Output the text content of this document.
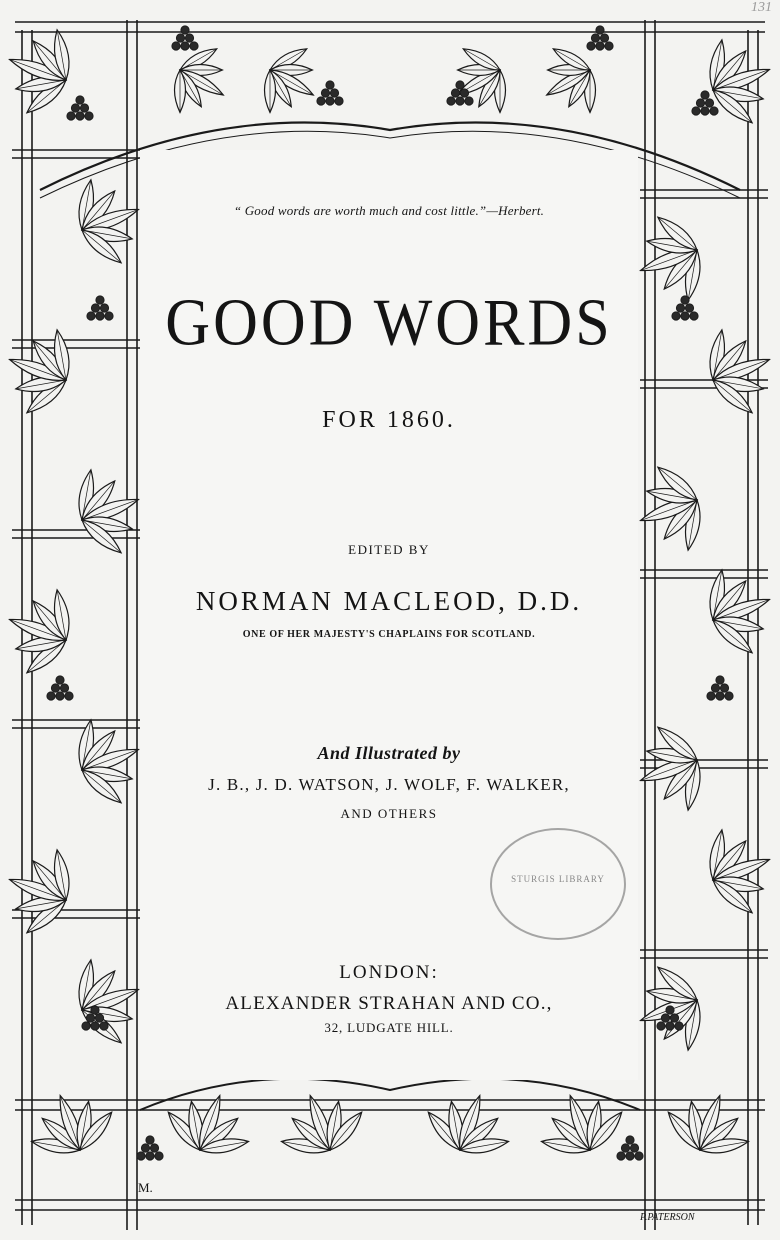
131
“ Good words are worth much and cost little.”—Herbert.
GOOD WORDS
FOR 1860.
EDITED BY
NORMAN MACLEOD, D.D.
ONE OF HER MAJESTY'S CHAPLAINS FOR SCOTLAND.
And Illustrated by
J. B., J. D. WATSON, J. WOLF, F. WALKER,
AND OTHERS
LONDON:
ALEXANDER STRAHAN AND CO.,
32, LUDGATE HILL.
STURGIS LIBRARY
M.
P.PATERSON
